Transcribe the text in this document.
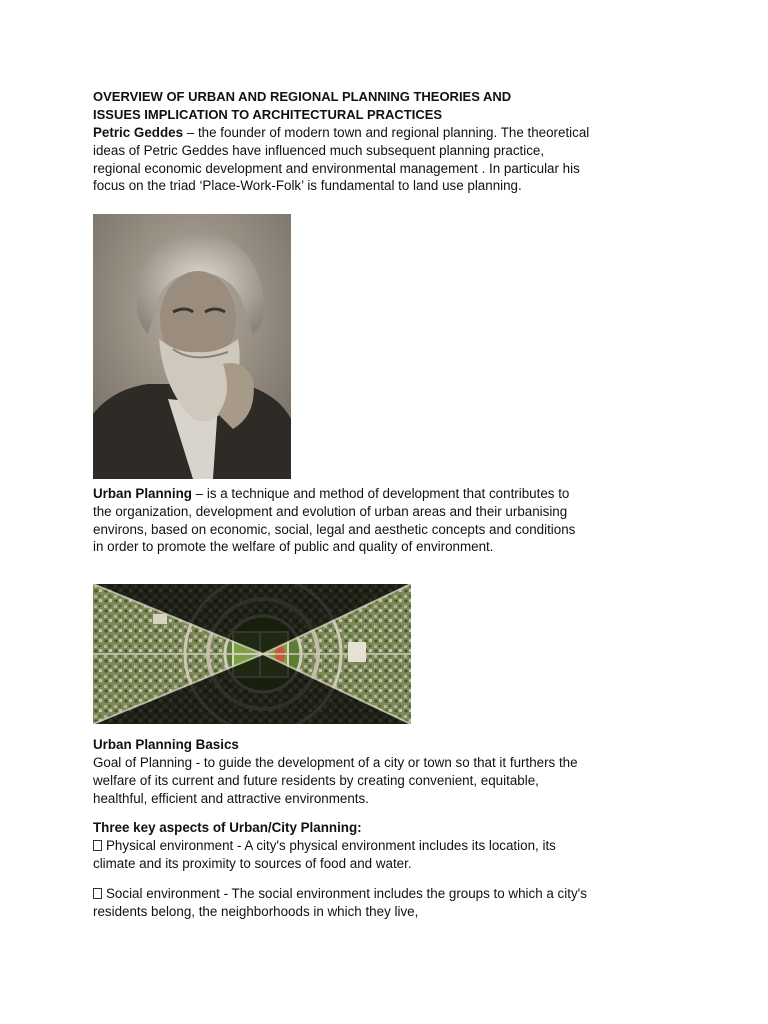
OVERVIEW OF URBAN AND REGIONAL PLANNING THEORIES AND
ISSUES IMPLICATION TO ARCHITECTURAL PRACTICES
Petric Geddes – the founder of modern town and regional planning. The theoretical ideas of Petric Geddes have influenced much subsequent planning practice, regional economic development and environmental management . In particular his focus on the triad ‘Place-Work-Folk’ is fundamental to land use planning.
Urban Planning – is a technique and method of development that contributes to the organization, development and evolution of urban areas and their urbanising environs, based on economic, social, legal and aesthetic concepts and conditions in order to promote the welfare of public and quality of environment.
Urban Planning Basics
Goal of Planning - to guide the development of a city or town so that it furthers the welfare of its current and future residents by creating convenient, equitable, healthful, efficient and attractive environments.
Three key aspects of Urban/City Planning:
Physical environment - A city's physical environment includes its location, its climate and its proximity to sources of food and water.
Social environment - The social environment includes the groups to which a city's residents belong, the neighborhoods in which they live,
